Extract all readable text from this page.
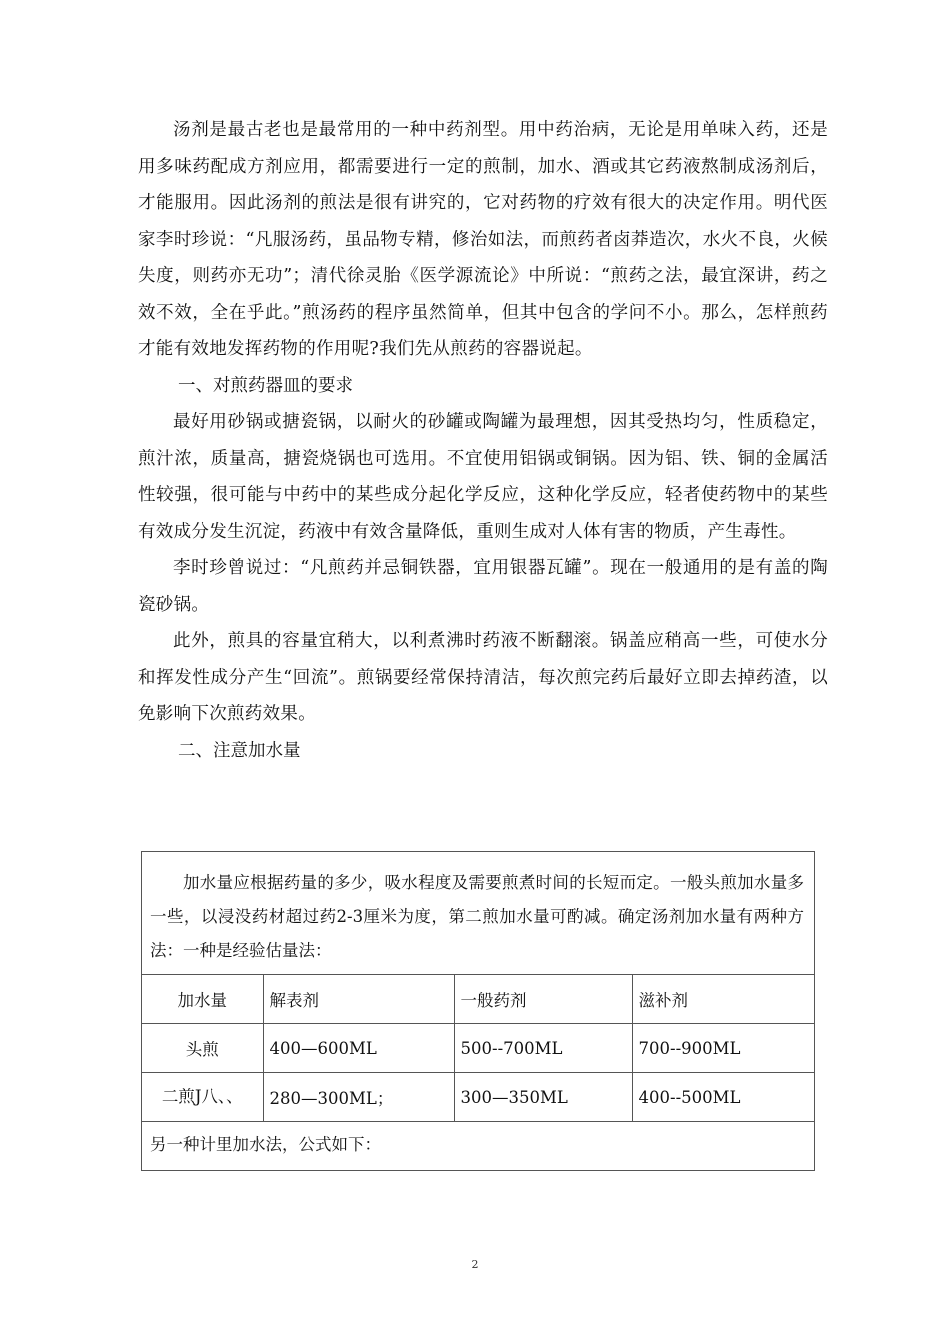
汤剂是最古老也是最常用的一种中药剂型。用中药治病，无论是用单味入药，还是用多味药配成方剂应用，都需要进行一定的煎制，加水、酒或其它药液熬制成汤剂后，才能服用。因此汤剂的煎法是很有讲究的，它对药物的疗效有很大的决定作用。明代医家李时珍说：“凡服汤药，虽品物专精，修治如法，而煎药者卤莽造次，水火不良，火候失度，则药亦无功”；清代徐灵胎《医学源流论》中所说：“煎药之法，最宜深讲，药之效不效，全在乎此。”煎汤药的程序虽然简单，但其中包含的学问不小。那么，怎样煎药才能有效地发挥药物的作用呢?我们先从煎药的容器说起。

一、对煎药器皿的要求

最好用砂锅或搪瓷锅，以耐火的砂罐或陶罐为最理想，因其受热均匀，性质稳定，煎汁浓，质量高，搪瓷烧锅也可选用。不宜使用铝锅或铜锅。因为铝、铁、铜的金属活性较强，很可能与中药中的某些成分起化学反应，这种化学反应，轻者使药物中的某些有效成分发生沉淀，药液中有效含量降低，重则生成对人体有害的物质，产生毒性。

李时珍曾说过：“凡煎药并忌铜铁器，宜用银器瓦罐”。现在一般通用的是有盖的陶瓷砂锅。

此外，煎具的容量宜稍大，以利煮沸时药液不断翻滚。锅盖应稍高一些，可使水分和挥发性成分产生“回流”。煎锅要经常保持清洁，每次煎完药后最好立即去掉药渣，以免影响下次煎药效果。

二、注意加水量

加水量应根据药量的多少，吸水程度及需要煎煮时间的长短而定。一般头煎加水量多一些，以浸没药材超过药2-3厘米为度，第二煎加水量可酌减。确定汤剂加水量有两种方法：一种是经验估量法：
加水量	解表剂	一般药剂	滋补剂
头煎	400—600ML	500--700ML	700--900ML
二煎J八、、	280—300ML；	300—350ML	400--500ML
另一种计里加水法，公式如下：
2
